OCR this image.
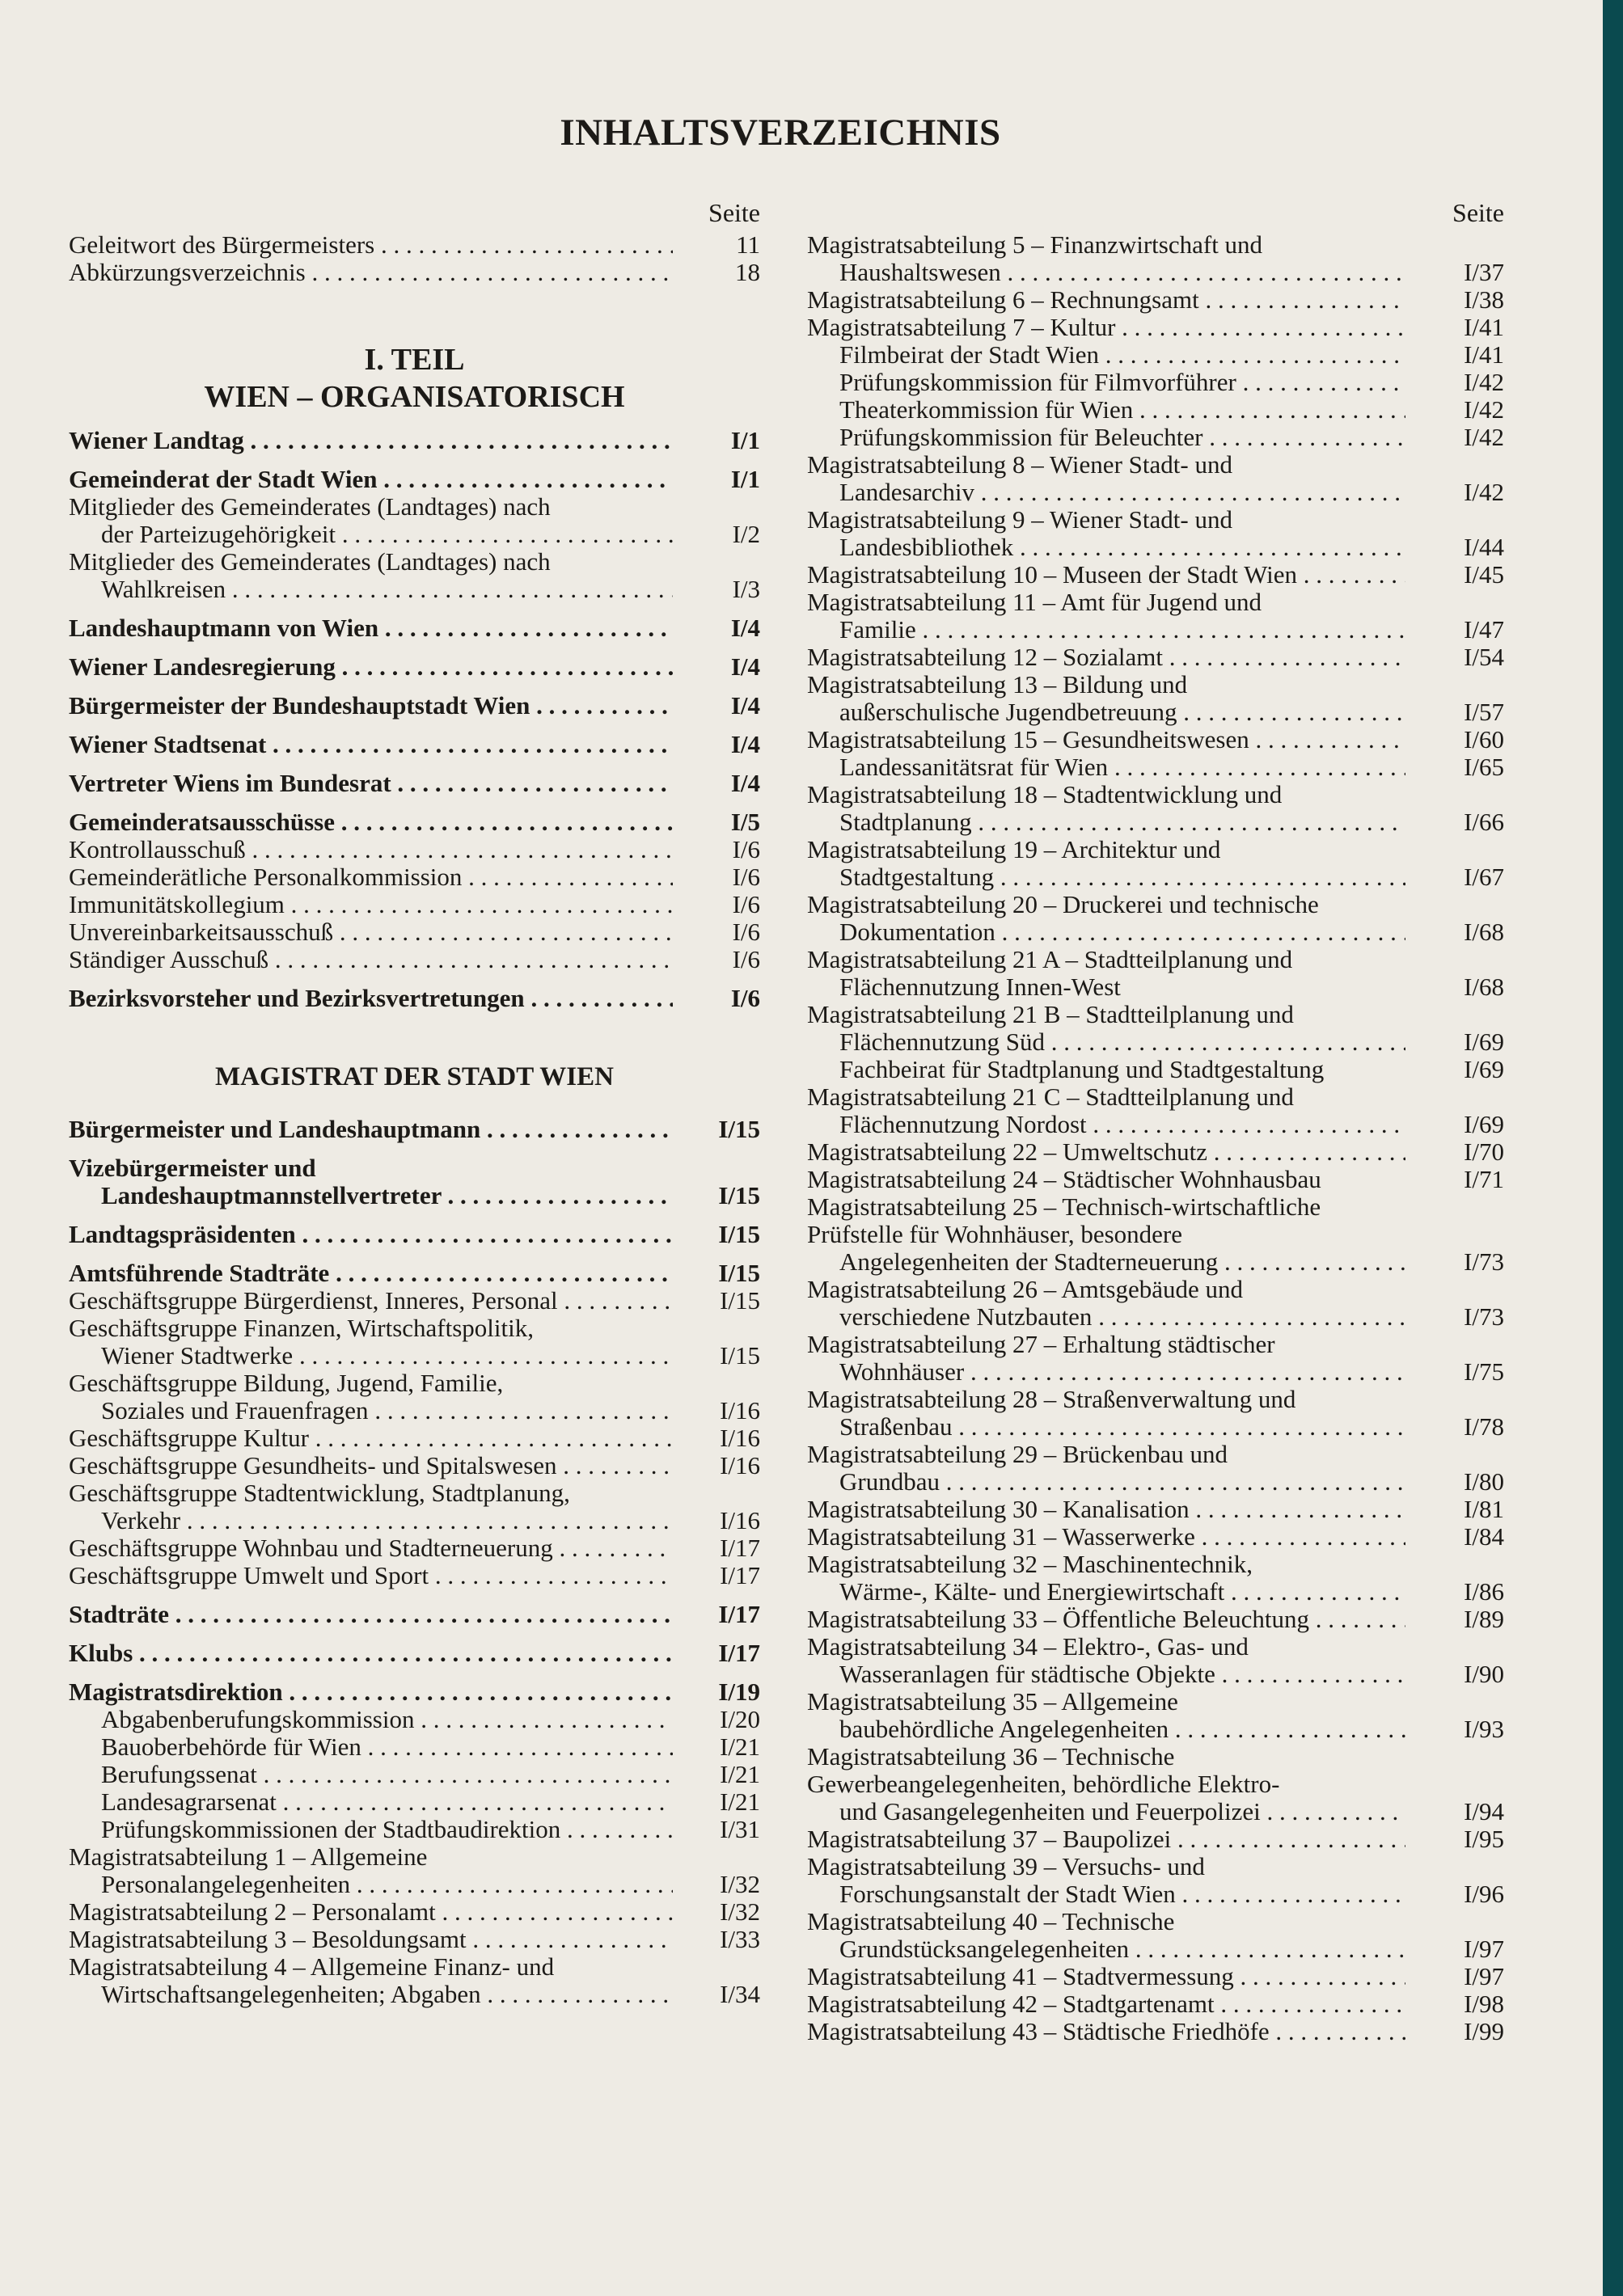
INHALTSVERZEICHNIS
Seite
Geleitwort des Bürgermeisters . . .	11
Abkürzungsverzeichnis . . .	18
I. TEIL
WIEN – ORGANISATORISCH
Wiener Landtag . . .	I/1
Gemeinderat der Stadt Wien . . .	I/1
Mitglieder des Gemeinderates (Landtages) nach
der Parteizugehörigkeit . . .	I/2
Mitglieder des Gemeinderates (Landtages) nach
Wahlkreisen . . .	I/3
Landeshauptmann von Wien . . .	I/4
Wiener Landesregierung . . .	I/4
Bürgermeister der Bundeshauptstadt Wien . . .	I/4
Wiener Stadtsenat . . .	I/4
Vertreter Wiens im Bundesrat . . .	I/4
Gemeinderatsausschüsse . . .	I/5
Kontrollausschuß . . .	I/6
Gemeinderätliche Personalkommission . . .	I/6
Immunitätskollegium . . .	I/6
Unvereinbarkeitsausschuß . . .	I/6
Ständiger Ausschuß . . .	I/6
Bezirksvorsteher und Bezirksvertretungen . . .	I/6
MAGISTRAT DER STADT WIEN
Bürgermeister und Landeshauptmann . . .	I/15
Vizebürgermeister und
Landeshauptmannstellvertreter . . .	I/15
Landtagspräsidenten . . .	I/15
Amtsführende Stadträte . . .	I/15
Geschäftsgruppe Bürgerdienst, Inneres, Personal . . .	I/15
Geschäftsgruppe Finanzen, Wirtschaftspolitik,
Wiener Stadtwerke . . .	I/15
Geschäftsgruppe Bildung, Jugend, Familie,
Soziales und Frauenfragen . . .	I/16
Geschäftsgruppe Kultur . . .	I/16
Geschäftsgruppe Gesundheits- und Spitalswesen . . .	I/16
Geschäftsgruppe Stadtentwicklung, Stadtplanung,
Verkehr . . .	I/16
Geschäftsgruppe Wohnbau und Stadterneuerung . . .	I/17
Geschäftsgruppe Umwelt und Sport . . .	I/17
Stadträte . . .	I/17
Klubs . . .	I/17
Magistratsdirektion . . .	I/19
Abgabenberufungskommission . . .	I/20
Bauoberbehörde für Wien . . .	I/21
Berufungssenat . . .	I/21
Landesagrarsenat . . .	I/21
Prüfungskommissionen der Stadtbaudirektion . . .	I/31
Magistratsabteilung 1 – Allgemeine
Personalangelegenheiten . . .	I/32
Magistratsabteilung 2 – Personalamt . . .	I/32
Magistratsabteilung 3 – Besoldungsamt . . .	I/33
Magistratsabteilung 4 – Allgemeine Finanz- und
Wirtschaftsangelegenheiten; Abgaben . . .	I/34
Seite
Magistratsabteilung 5 – Finanzwirtschaft und
Haushaltswesen . . .	I/37
Magistratsabteilung 6 – Rechnungsamt . . .	I/38
Magistratsabteilung 7 – Kultur . . .	I/41
Filmbeirat der Stadt Wien . . .	I/41
Prüfungskommission für Filmvorführer . . .	I/42
Theaterkommission für Wien . . .	I/42
Prüfungskommission für Beleuchter . . .	I/42
Magistratsabteilung 8 – Wiener Stadt- und
Landesarchiv . . .	I/42
Magistratsabteilung 9 – Wiener Stadt- und
Landesbibliothek . . .	I/44
Magistratsabteilung 10 – Museen der Stadt Wien . . .	I/45
Magistratsabteilung 11 – Amt für Jugend und
Familie . . .	I/47
Magistratsabteilung 12 – Sozialamt . . .	I/54
Magistratsabteilung 13 – Bildung und
außerschulische Jugendbetreuung . . .	I/57
Magistratsabteilung 15 – Gesundheitswesen . . .	I/60
Landessanitätsrat für Wien . . .	I/65
Magistratsabteilung 18 – Stadtentwicklung und
Stadtplanung . . .	I/66
Magistratsabteilung 19 – Architektur und
Stadtgestaltung . . .	I/67
Magistratsabteilung 20 – Druckerei und technische
Dokumentation . . .	I/68
Magistratsabteilung 21 A – Stadtteilplanung und
Flächennutzung Innen-West	I/68
Magistratsabteilung 21 B – Stadtteilplanung und
Flächennutzung Süd . . .	I/69
Fachbeirat für Stadtplanung und Stadtgestaltung	I/69
Magistratsabteilung 21 C – Stadtteilplanung und
Flächennutzung Nordost . . .	I/69
Magistratsabteilung 22 – Umweltschutz . . .	I/70
Magistratsabteilung 24 – Städtischer Wohnhausbau	I/71
Magistratsabteilung 25 – Technisch-wirtschaftliche
Prüfstelle für Wohnhäuser, besondere
Angelegenheiten der Stadterneuerung . . .	I/73
Magistratsabteilung 26 – Amtsgebäude und
verschiedene Nutzbauten . . .	I/73
Magistratsabteilung 27 – Erhaltung städtischer
Wohnhäuser . . .	I/75
Magistratsabteilung 28 – Straßenverwaltung und
Straßenbau . . .	I/78
Magistratsabteilung 29 – Brückenbau und
Grundbau . . .	I/80
Magistratsabteilung 30 – Kanalisation . . .	I/81
Magistratsabteilung 31 – Wasserwerke . . .	I/84
Magistratsabteilung 32 – Maschinentechnik,
Wärme-, Kälte- und Energiewirtschaft . . .	I/86
Magistratsabteilung 33 – Öffentliche Beleuchtung . . .	I/89
Magistratsabteilung 34 – Elektro-, Gas- und
Wasseranlagen für städtische Objekte . . .	I/90
Magistratsabteilung 35 – Allgemeine
baubehördliche Angelegenheiten . . .	I/93
Magistratsabteilung 36 – Technische
Gewerbeangelegenheiten, behördliche Elektro-
und Gasangelegenheiten und Feuerpolizei . . .	I/94
Magistratsabteilung 37 – Baupolizei . . .	I/95
Magistratsabteilung 39 – Versuchs- und
Forschungsanstalt der Stadt Wien . . .	I/96
Magistratsabteilung 40 – Technische
Grundstücksangelegenheiten . . .	I/97
Magistratsabteilung 41 – Stadtvermessung . . .	I/97
Magistratsabteilung 42 – Stadtgartenamt . . .	I/98
Magistratsabteilung 43 – Städtische Friedhöfe . . .	I/99
